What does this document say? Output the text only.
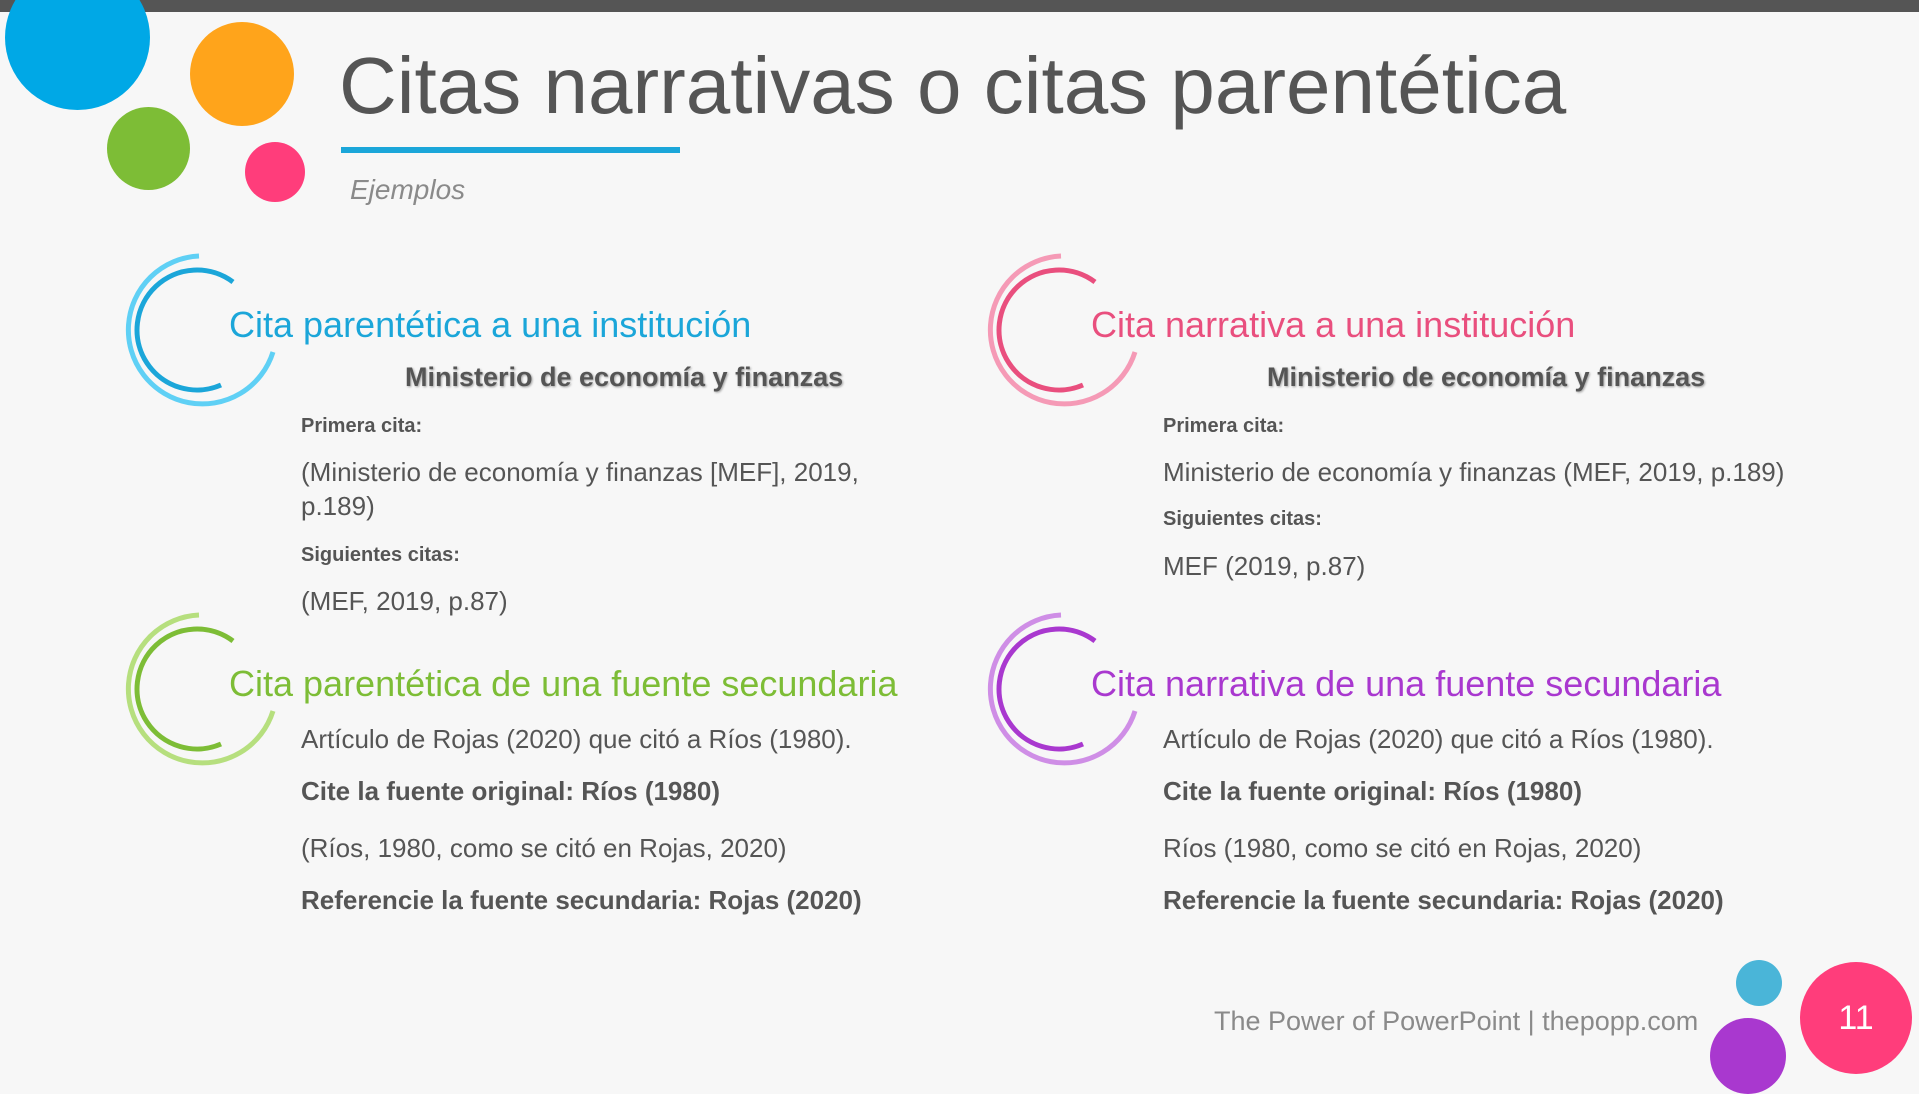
Citas narrativas o citas parentética
Ejemplos
Cita parentética a una institución
Ministerio de economía y finanzas
Primera cita:
(Ministerio de economía y finanzas [MEF], 2019, p.189)
Siguientes citas:
(MEF, 2019, p.87)
Cita narrativa a una institución
Ministerio de economía y finanzas
Primera cita:
Ministerio de economía y finanzas (MEF, 2019, p.189)
Siguientes citas:
MEF (2019, p.87)
Cita parentética de una fuente secundaria
Artículo de Rojas (2020) que citó a Ríos (1980).
Cite la fuente original: Ríos (1980)
(Ríos, 1980, como se citó en Rojas, 2020)
Referencie la fuente secundaria: Rojas (2020)
Cita narrativa de una fuente secundaria
Artículo de Rojas (2020) que citó a Ríos (1980).
Cite la fuente original: Ríos (1980)
Ríos (1980, como se citó en Rojas, 2020)
Referencie la fuente secundaria: Rojas (2020)
The Power of PowerPoint | thepopp.com	11
